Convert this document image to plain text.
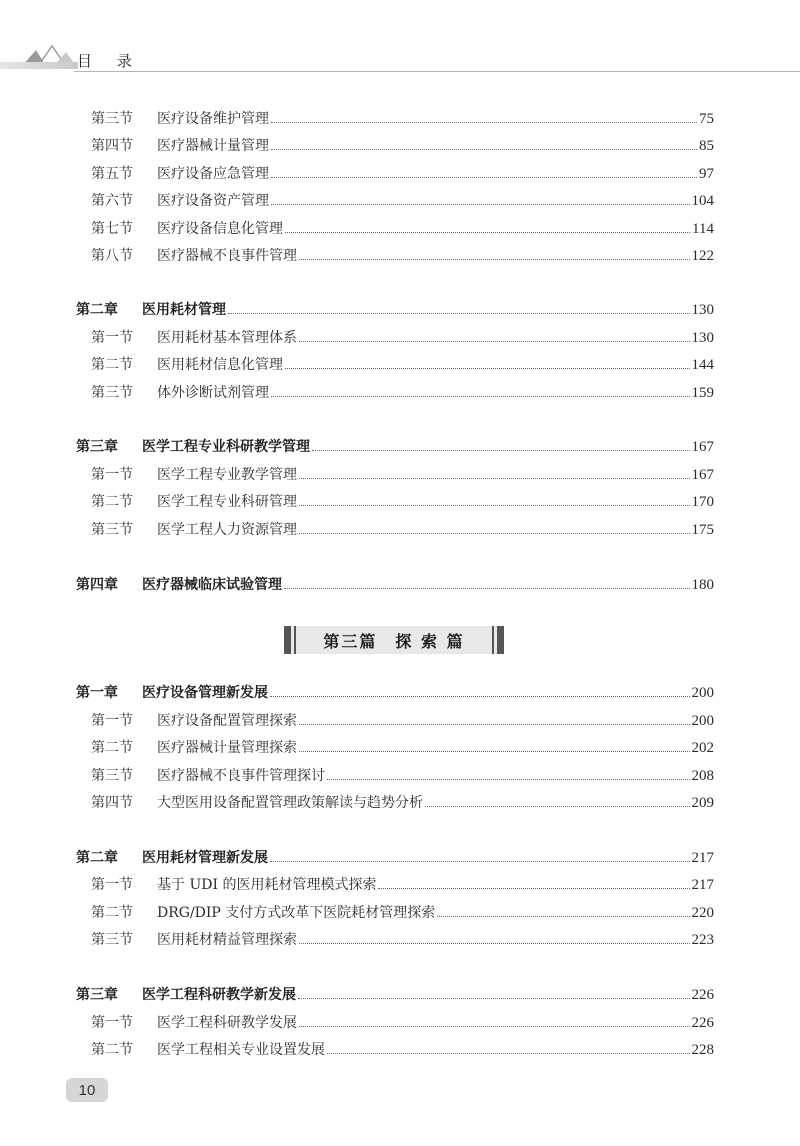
目 录
第三节	医疗设备维护管理	75
第四节	医疗器械计量管理	85
第五节	医疗设备应急管理	97
第六节	医疗设备资产管理	104
第七节	医疗设备信息化管理	114
第八节	医疗器械不良事件管理	122
第二章	医用耗材管理	130
第一节	医用耗材基本管理体系	130
第二节	医用耗材信息化管理	144
第三节	体外诊断试剂管理	159
第三章	医学工程专业科研教学管理	167
第一节	医学工程专业教学管理	167
第二节	医学工程专业科研管理	170
第三节	医学工程人力资源管理	175
第四章	医疗器械临床试验管理	180
第三篇　探 索 篇
第一章	医疗设备管理新发展	200
第一节	医疗设备配置管理探索	200
第二节	医疗器械计量管理探索	202
第三节	医疗器械不良事件管理探讨	208
第四节	大型医用设备配置管理政策解读与趋势分析	209
第二章	医用耗材管理新发展	217
第一节	基于 UDI 的医用耗材管理模式探索	217
第二节	DRG/DIP 支付方式改革下医院耗材管理探索	220
第三节	医用耗材精益管理探索	223
第三章	医学工程科研教学新发展	226
第一节	医学工程科研教学发展	226
第二节	医学工程相关专业设置发展	228
10
